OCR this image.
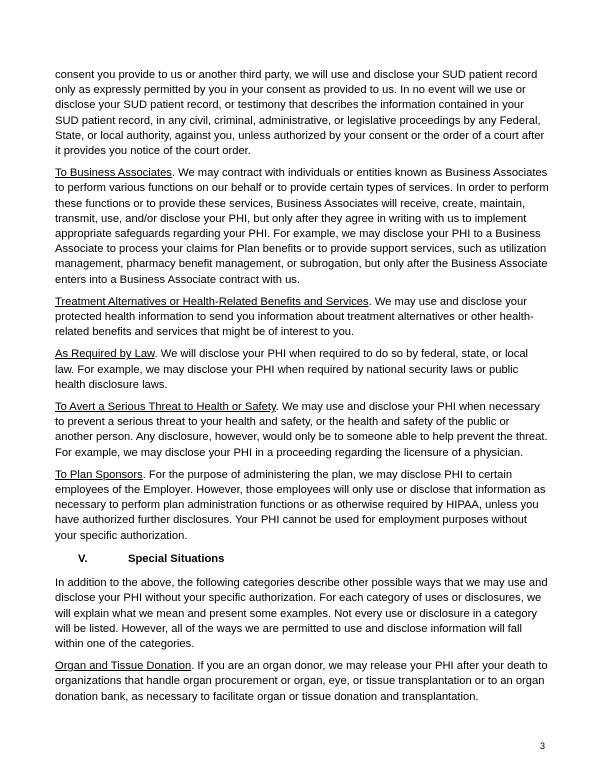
consent you provide to us or another third party, we will use and disclose your SUD patient record only as expressly permitted by you in your consent as provided to us. In no event will we use or disclose your SUD patient record, or testimony that describes the information contained in your SUD patient record, in any civil, criminal, administrative, or legislative proceedings by any Federal, State, or local authority, against you, unless authorized by your consent or the order of a court after it provides you notice of the court order.

To Business Associates. We may contract with individuals or entities known as Business Associates to perform various functions on our behalf or to provide certain types of services. In order to perform these functions or to provide these services, Business Associates will receive, create, maintain, transmit, use, and/or disclose your PHI, but only after they agree in writing with us to implement appropriate safeguards regarding your PHI. For example, we may disclose your PHI to a Business Associate to process your claims for Plan benefits or to provide support services, such as utilization management, pharmacy benefit management, or subrogation, but only after the Business Associate enters into a Business Associate contract with us.

Treatment Alternatives or Health-Related Benefits and Services. We may use and disclose your protected health information to send you information about treatment alternatives or other health-related benefits and services that might be of interest to you.

As Required by Law. We will disclose your PHI when required to do so by federal, state, or local law. For example, we may disclose your PHI when required by national security laws or public health disclosure laws.

To Avert a Serious Threat to Health or Safety. We may use and disclose your PHI when necessary to prevent a serious threat to your health and safety, or the health and safety of the public or another person. Any disclosure, however, would only be to someone able to help prevent the threat. For example, we may disclose your PHI in a proceeding regarding the licensure of a physician.

To Plan Sponsors. For the purpose of administering the plan, we may disclose PHI to certain employees of the Employer. However, those employees will only use or disclose that information as necessary to perform plan administration functions or as otherwise required by HIPAA, unless you have authorized further disclosures. Your PHI cannot be used for employment purposes without your specific authorization.

V.	Special Situations

In addition to the above, the following categories describe other possible ways that we may use and disclose your PHI without your specific authorization. For each category of uses or disclosures, we will explain what we mean and present some examples. Not every use or disclosure in a category will be listed. However, all of the ways we are permitted to use and disclose information will fall within one of the categories.

Organ and Tissue Donation. If you are an organ donor, we may release your PHI after your death to organizations that handle organ procurement or organ, eye, or tissue transplantation or to an organ donation bank, as necessary to facilitate organ or tissue donation and transplantation.

3
